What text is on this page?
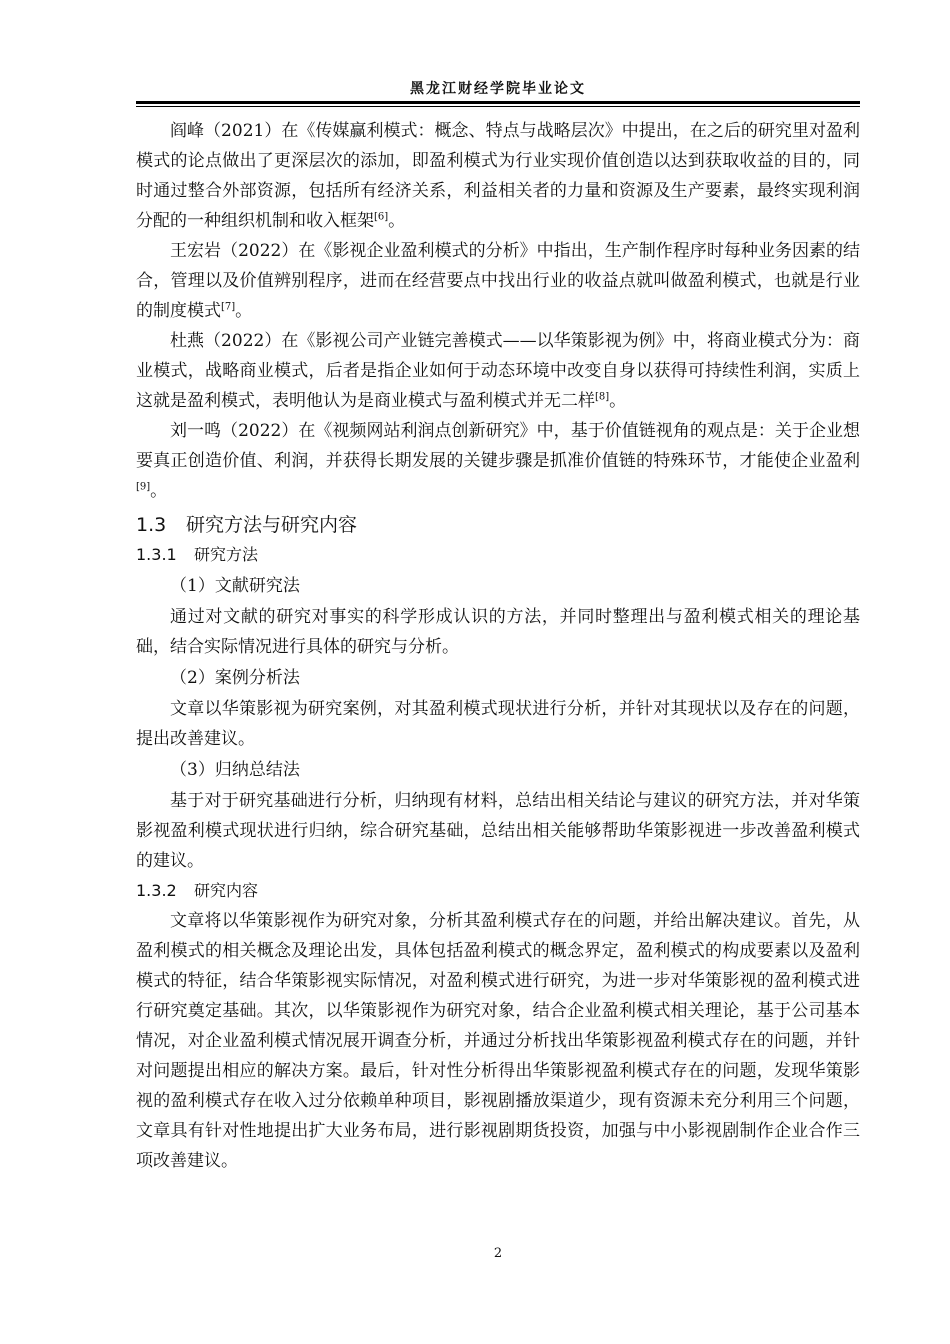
黑龙江财经学院毕业论文

阎峰（2021）在《传媒赢利模式：概念、特点与战略层次》中提出，在之后的研究里对盈利模式的论点做出了更深层次的添加，即盈利模式为行业实现价值创造以达到获取收益的目的，同时通过整合外部资源，包括所有经济关系，利益相关者的力量和资源及生产要素，最终实现利润分配的一种组织机制和收入框架[6]。

王宏岩（2022）在《影视企业盈利模式的分析》中指出，生产制作程序时每种业务因素的结合，管理以及价值辨别程序，进而在经营要点中找出行业的收益点就叫做盈利模式，也就是行业的制度模式[7]。

杜燕（2022）在《影视公司产业链完善模式——以华策影视为例》中，将商业模式分为：商业模式，战略商业模式，后者是指企业如何于动态环境中改变自身以获得可持续性利润，实质上这就是盈利模式，表明他认为是商业模式与盈利模式并无二样[8]。

刘一鸣（2022）在《视频网站利润点创新研究》中，基于价值链视角的观点是：关于企业想要真正创造价值、利润，并获得长期发展的关键步骤是抓准价值链的特殊环节，才能使企业盈利[9]。

1.3 研究方法与研究内容
1.3.1 研究方法

（1）文献研究法

通过对文献的研究对事实的科学形成认识的方法，并同时整理出与盈利模式相关的理论基础，结合实际情况进行具体的研究与分析。

（2）案例分析法

文章以华策影视为研究案例，对其盈利模式现状进行分析，并针对其现状以及存在的问题，提出改善建议。

（3）归纳总结法

基于对于研究基础进行分析，归纳现有材料，总结出相关结论与建议的研究方法，并对华策影视盈利模式现状进行归纳，综合研究基础，总结出相关能够帮助华策影视进一步改善盈利模式的建议。

1.3.2 研究内容

文章将以华策影视作为研究对象，分析其盈利模式存在的问题，并给出解决建议。首先，从盈利模式的相关概念及理论出发，具体包括盈利模式的概念界定，盈利模式的构成要素以及盈利模式的特征，结合华策影视实际情况，对盈利模式进行研究，为进一步对华策影视的盈利模式进行研究奠定基础。其次，以华策影视作为研究对象，结合企业盈利模式相关理论，基于公司基本情况，对企业盈利模式情况展开调查分析，并通过分析找出华策影视盈利模式存在的问题，并针对问题提出相应的解决方案。最后，针对性分析得出华策影视盈利模式存在的问题，发现华策影视的盈利模式存在收入过分依赖单种项目，影视剧播放渠道少，现有资源未充分利用三个问题，文章具有针对性地提出扩大业务布局，进行影视剧期货投资，加强与中小影视剧制作企业合作三项改善建议。

2
